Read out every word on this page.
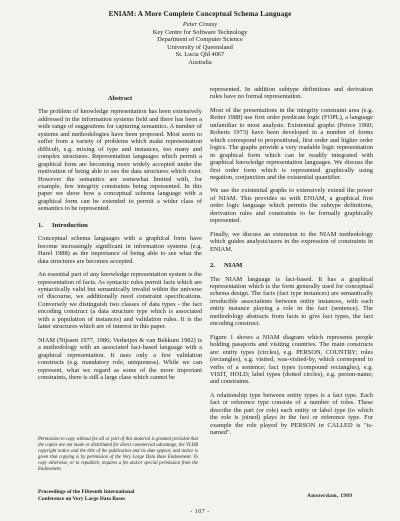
ENIAM: A More Complete Conceptual Schema Language
Peter Creasy
Key Centre for Software Technology
Department of Computer Science
University of Queensland
St. Lucia Qld 4067
Australia
Abstract

The problem of knowledge representation has been extensively addressed in the information systems field and there has been a wide range of suggestions for capturing semantics. A number of systems and methodologies have been proposed. Most seem to suffer from a variety of problems which make representation difficult, e.g. mixing of type and instances, too many and complex structures. Representation languages which permit a graphical form are becoming more widely accepted under the motivation of being able to see the data structures which exist. However the semantics are somewhat limited with, for example, few integrity constraints being represented. In this paper we show how a conceptual schema language with a graphical form can be extended to permit a wider class of semantics to be represented.

1. Introduction

Conceptual schema languages with a graphical form have become increasingly significant in information systems (e.g. Harel 1988) as the importance of being able to see what the data structures are becomes accepted.

An essential part of any knowledge representation system is the representation of facts. As syntactic rules permit facts which are syntactically valid but semantically invalid within the universe of discourse, we additionally need constraint specifications. Conversely we distinguish two classes of data types - the fact encoding construct (a data structure type which is associated with a population of instances) and validation rules. It is the latter structures which are of interest in this paper.

NIAM (Nijssen 1977, 1986; Verheijen & van Bekkum 1982) is a methodology with an associated fact-based language with a graphical representation. It uses only a few validation constructs (e.g. mandatory role, uniqueness). While we can represent, what we regard as some of the more important constraints, there is still a large class which cannot be

represented. In addition subtype definitions and derivation rules have no formal representation.

Most of the presentations in the integrity constraint area (e.g. Reiter 1988) use first order predicate logic (FOPL), a language unfamiliar to most analysts. Existential graphs (Peirce 1960; Roberts 1973) have been developed in a number of forms which correspond to propositional, first order and higher order logics. The graphs provide a very readable logic representation in graphical form which can be readily integrated with graphical knowledge representation languages. We discuss the first order form which is represented graphically using negation, conjunction and the existential quantifier.

We use the existential graphs to extensively extend the power of NIAM. This provides us with ENIAM, a graphical first order logic language which permits the subtype definitions, derivation rules and constraints to be formally graphically represented.

Finally, we discuss an extension to the NIAM methodology which guides analysts/users in the expression of constraints in ENIAM.

2. NIAM

The NIAM language is fact-based. It has a graphical representation which is the form generally used for conceptual schema design. The facts (fact type instances) are semantically irreducible associations between entity instances, with each entity instance playing a role in the fact (sentence). The methodology abstracts from facts to give fact types, the fact encoding construct.

Figure 1 shows a NIAM diagram which represents people holding passports and visiting countries. The main constructs are: entity types (circles), e.g. PERSON, COUNTRY; roles (rectangles), e.g. visited, was-visited-by, which correspond to verbs of a sentence; fact types (compound rectangles), e.g. VISIT, HOLD; label types (dotted circles), e.g. person-name; and constraints.

A relationship type between entity types is a fact type. Each fact or reference type consists of a number of roles. These describe the part (or role) each entity or label type (to which the role is joined) plays in the fact or reference type. For example the role played by PERSON in CALLED is "is-named".

Permission to copy without fee all or part of this material is granted provided that the copies are not made or distributed for direct commercial advantage, the VLDB copyright notice and the title of the publication and its date appear, and notice is given that copying is by permission of the Very Large Data Base Endowment. To copy otherwise, or to republish, requires a fee and/or special permission from the Endowment.
Proceedings of the Fifteenth International
Conference on Very Large Data Bases	Amsterdam, 1989
- 107 -
